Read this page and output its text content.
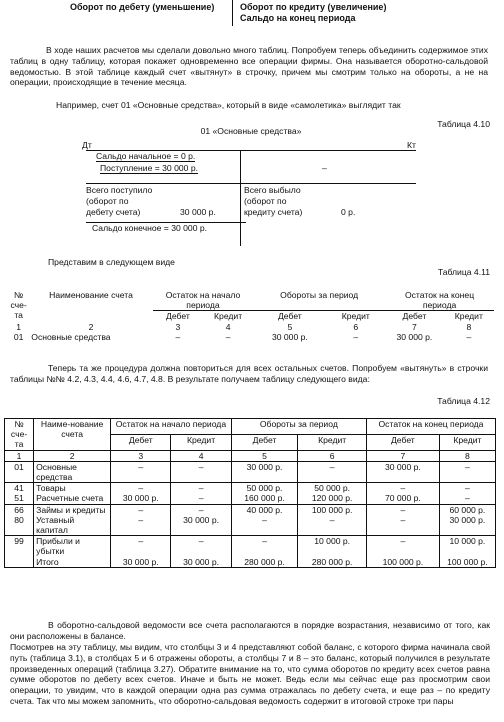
Оборот по дебету (уменьшение)	Оборот по кредиту (увеличение)
Сальдо на конец периода

В ходе наших расчетов мы сделали довольно много таблиц. Попробуем теперь объединить содержимое этих таблиц в одну таблицу, которая покажет одновременно все операции фирмы. Она называется оборотно-сальдовой ведомостью. В этой таблице каждый счет «вытянут» в строчку, причем мы смотрим только на обороты, а не на операции, происходящие в течение месяца.

Например, счет 01 «Основные средства», который в виде «самолетика» выглядит так

Таблица 4.10
01 «Основные средства»
Дт	Кт
Сальдо начальное = 0 р.
Поступление = 30 000 р.	–
Всего поступило
(оборот по
дебету счета)	30 000 р.
Всего выбыло
(оборот по
кредиту счета)	0 р.
Сальдо конечное = 30 000 р.

Представим в следующем виде

Таблица 4.11
№ сче-та	Наименование счета	Остаток на начало периода		Обороты за период		Остаток на конец периода	
		Дебет	Кредит	Дебет	Кредит	Дебет	Кредит
1	2	3	4	5	6	7	8
01	Основные средства	–	–	30 000 р.	–	30 000 р.	–

Теперь та же процедура должна повториться для всех остальных счетов. Попробуем «вытянуть» в строчки таблицы №№ 4.2, 4.3, 4.4, 4.6, 4.7, 4.8. В результате получаем таблицу следующего вида:

Таблица 4.12
№ сче-та	Наиме-нование счета	Остаток на начало периода		Обороты за период		Остаток на конец периода	
		Дебет	Кредит	Дебет	Кредит	Дебет	Кредит
1	2	3	4	5	6	7	8
01	Основные средства	–	–	30 000 р.	–	30 000 р.	–
41	Товары	–	–	50 000 р.	50 000 р.	–	–
51	Расчетные счета	30 000 р.	–	160 000 р.	120 000 р.	70 000 р.	–
66	Займы и кредиты	–	–	40 000 р.	100 000 р.	–	60 000 р.
80	Уставный капитал	–	30 000 р.	–	–	–	30 000 р.
99	Прибыли и убытки	–	–	–	10 000 р.	–	10 000 р.
	Итого	30 000 р.	30 000 р.	280 000 р.	280 000 р.	100 000 р.	100 000 р.

В оборотно-сальдовой ведомости все счета располагаются в порядке возрастания, независимо от того, как они расположены в балансе.

Посмотрев на эту таблицу, мы видим, что столбцы 3 и 4 представляют собой баланс, с которого фирма начинала свой путь (таблица 3.1), в столбцах 5 и 6 отражены обороты, а столбцы 7 и 8 – это баланс, который получился в результате произведенных операций (таблица 3.27). Обратите внимание на то, что сумма оборотов по кредиту всех счетов равна сумме оборотов по дебету всех счетов. Иначе и быть не может. Ведь если мы сейчас еще раз просмотрим свои операции, то увидим, что в каждой операции одна раз сумма отражалась по дебету счета, и еще раз – по кредиту счета. Так что мы можем запомнить, что оборотно-сальдовая ведомость содержит в итоговой строке три пары
